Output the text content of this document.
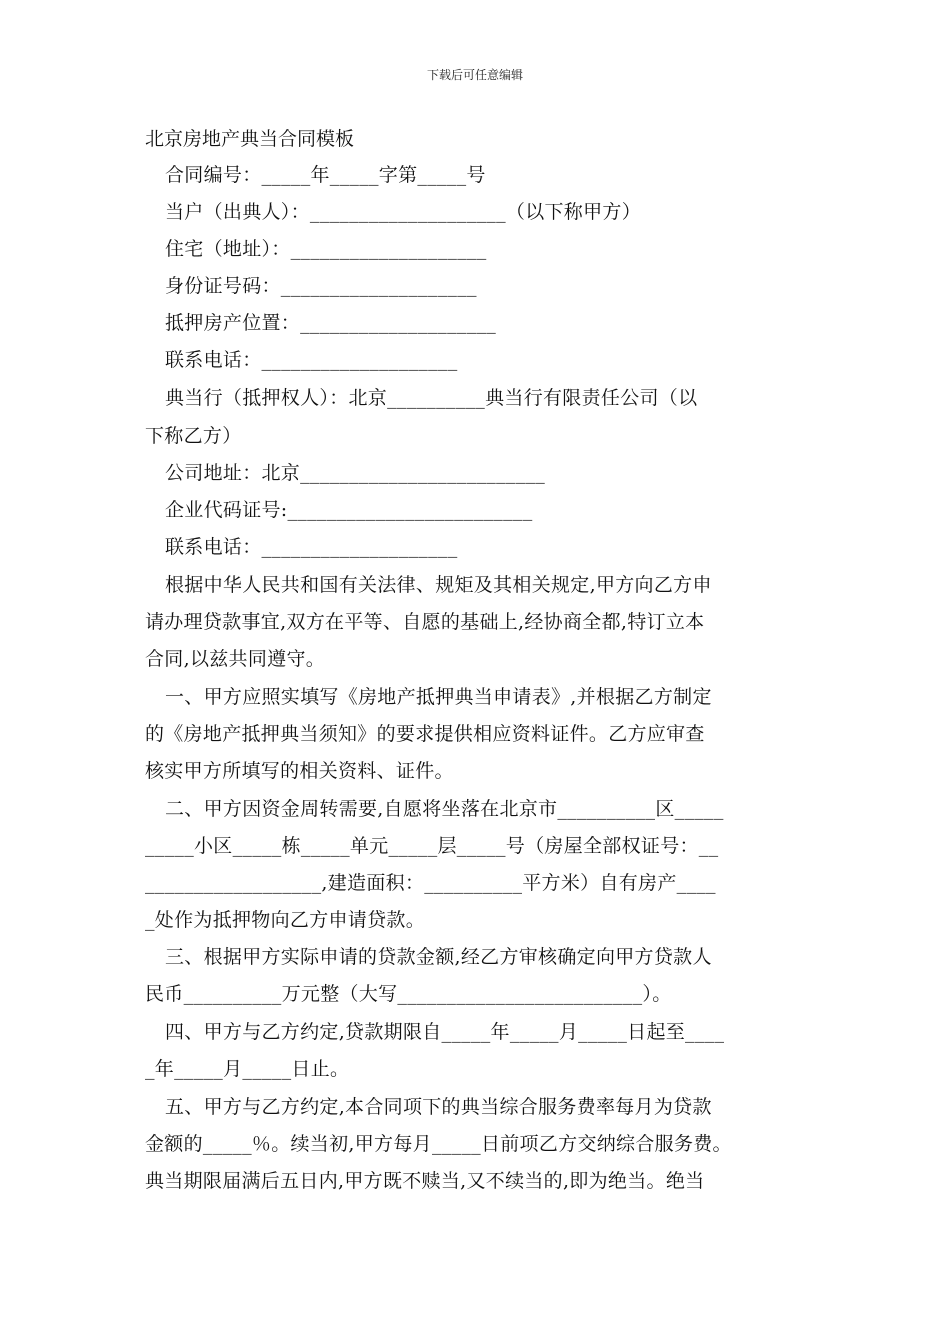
下载后可任意编辑
北京房地产典当合同模板
合同编号：_____年_____字第_____号
当户（出典人）：____________________（以下称甲方）
住宅（地址）：____________________
身份证号码：____________________
抵押房产位置：____________________
联系电话：____________________
典当行（抵押权人）：北京__________典当行有限责任公司（以
下称乙方）
公司地址：北京_________________________
企业代码证号:_________________________
联系电话：____________________
根据中华人民共和国有关法律、规矩及其相关规定,甲方向乙方申
请办理贷款事宜,双方在平等、自愿的基础上,经协商全都,特订立本
合同,以兹共同遵守。
一、甲方应照实填写《房地产抵押典当申请表》,并根据乙方制定
的《房地产抵押典当须知》的要求提供相应资料证件。乙方应审查
核实甲方所填写的相关资料、证件。
二、甲方因资金周转需要,自愿将坐落在北京市__________区_____
_____小区_____栋_____单元_____层_____号（房屋全部权证号：__
__________________,建造面积：__________平方米）自有房产____
_处作为抵押物向乙方申请贷款。
三、根据甲方实际申请的贷款金额,经乙方审核确定向甲方贷款人
民币__________万元整（大写_________________________）。
四、甲方与乙方约定,贷款期限自_____年_____月_____日起至____
_年_____月_____日止。
五、甲方与乙方约定,本合同项下的典当综合服务费率每月为贷款
金额的_____％。续当初,甲方每月_____日前项乙方交纳综合服务费。
典当期限届满后五日内,甲方既不赎当,又不续当的,即为绝当。绝当
